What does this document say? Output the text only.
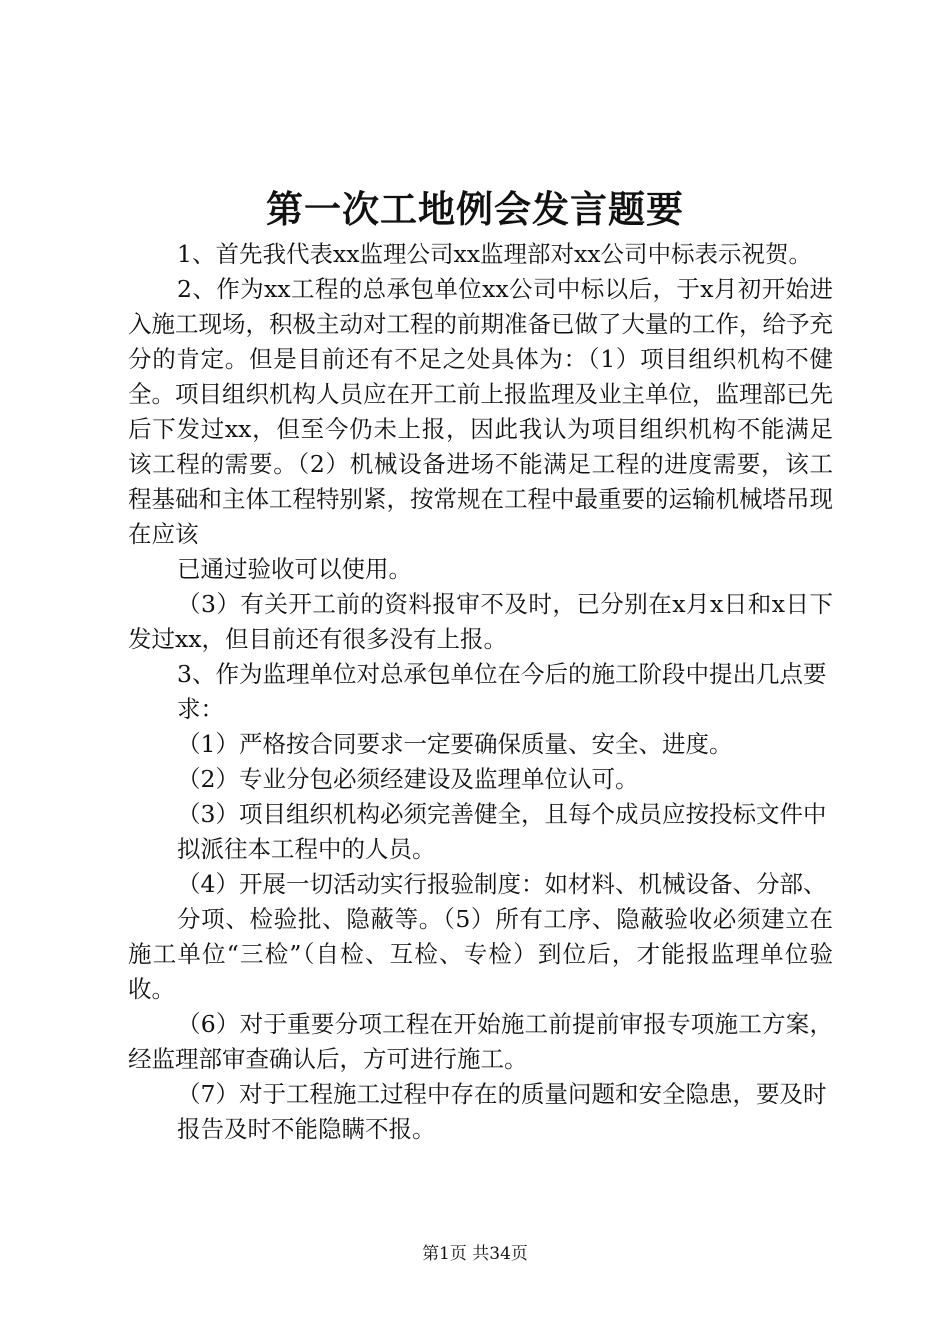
第一次工地例会发言题要

1、首先我代表xx监理公司xx监理部对xx公司中标表示祝贺。

2、作为xx工程的总承包单位xx公司中标以后，于x月初开始进入施工现场，积极主动对工程的前期准备已做了大量的工作，给予充分的肯定。但是目前还有不足之处具体为：（1）项目组织机构不健全。项目组织机构人员应在开工前上报监理及业主单位，监理部已先后下发过xx，但至今仍未上报，因此我认为项目组织机构不能满足该工程的需要。（2）机械设备进场不能满足工程的进度需要，该工程基础和主体工程特别紧，按常规在工程中最重要的运输机械塔吊现在应该

已通过验收可以使用。

（3）有关开工前的资料报审不及时，已分别在x月x日和x日下发过xx，但目前还有很多没有上报。

3、作为监理单位对总承包单位在今后的施工阶段中提出几点要

求：

（1）严格按合同要求一定要确保质量、安全、进度。

（2）专业分包必须经建设及监理单位认可。

（3）项目组织机构必须完善健全，且每个成员应按投标文件中

拟派往本工程中的人员。

（4）开展一切活动实行报验制度：如材料、机械设备、分部、

分项、检验批、隐蔽等。（5）所有工序、隐蔽验收必须建立在施工单位“三检”（自检、互检、专检）到位后，才能报监理单位验收。

（6）对于重要分项工程在开始施工前提前审报专项施工方案，经监理部审查确认后，方可进行施工。

（7）对于工程施工过程中存在的质量问题和安全隐患，要及时

报告及时不能隐瞒不报。

第1页 共34页
